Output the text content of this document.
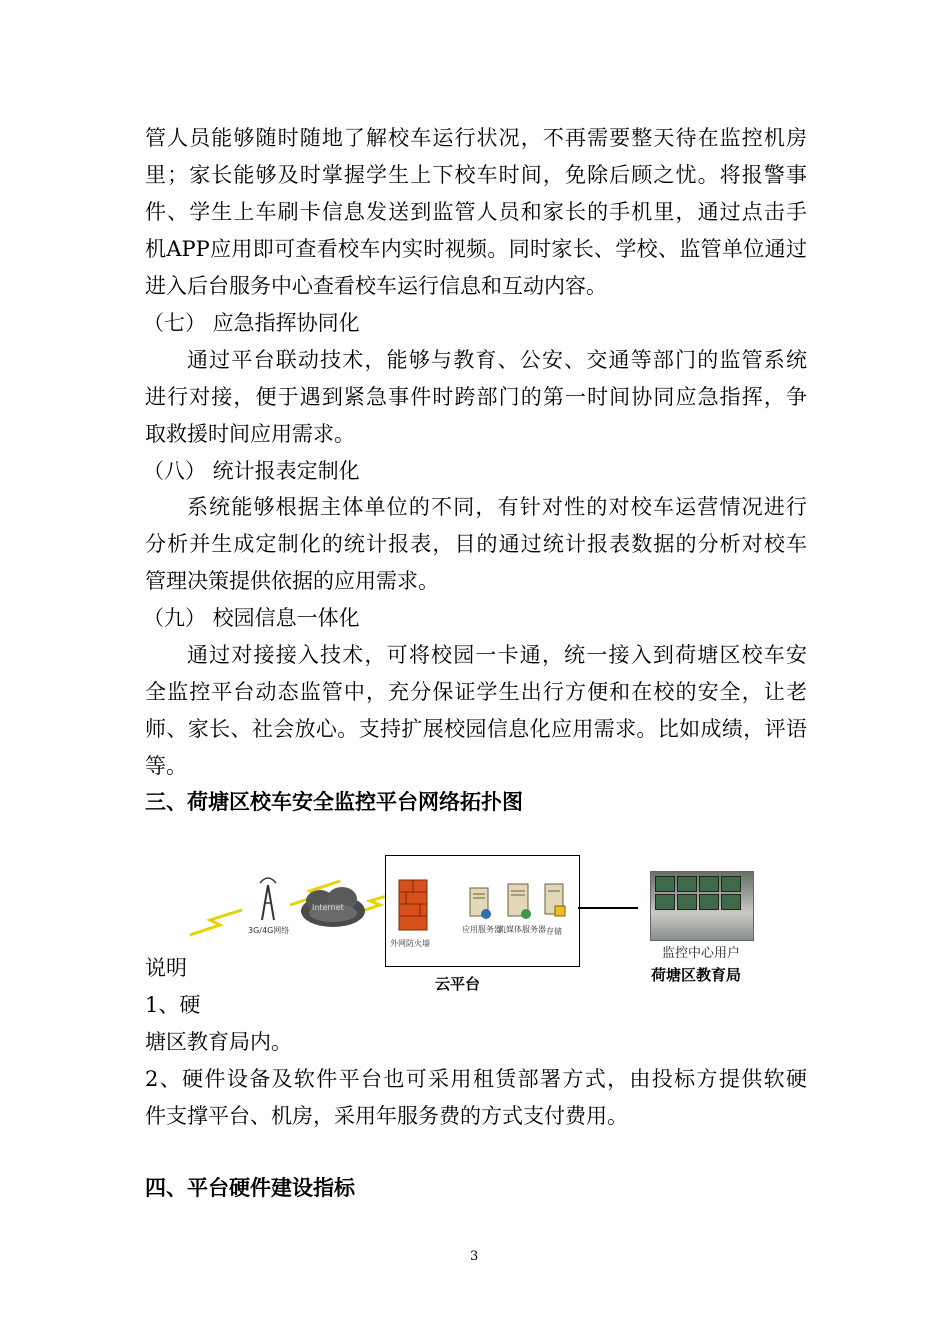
管人员能够随时随地了解校车运行状况，不再需要整天待在监控机房
里；家长能够及时掌握学生上下校车时间，免除后顾之忧。将报警事
件、学生上车刷卡信息发送到监管人员和家长的手机里，通过点击手
机APP应用即可查看校车内实时视频。同时家长、学校、监管单位通过
进入后台服务中心查看校车运行信息和互动内容。
（七） 应急指挥协同化
通过平台联动技术，能够与教育、公安、交通等部门的监管系统
进行对接，便于遇到紧急事件时跨部门的第一时间协同应急指挥，争
取救援时间应用需求。
（八） 统计报表定制化
系统能够根据主体单位的不同，有针对性的对校车运营情况进行
分析并生成定制化的统计报表，目的通过统计报表数据的分析对校车
管理决策提供依据的应用需求。
（九） 校园信息一体化
通过对接接入技术，可将校园一卡通，统一接入到荷塘区校车安
全监控平台动态监管中，充分保证学生出行方便和在校的安全，让老
师、家长、社会放心。支持扩展校园信息化应用需求。比如成绩，评语
等。
三、荷塘区校车安全监控平台网络拓扑图
说明
1、硬
3G/4G网络
Internet
外网防火墙
应用服务器
流媒体服务器 存储
云平台
监控中心用户
荷塘区教育局
塘区教育局内。
2、硬件设备及软件平台也可采用租赁部署方式，由投标方提供软硬
件支撑平台、机房，采用年服务费的方式支付费用。
四、平台硬件建设指标
3
